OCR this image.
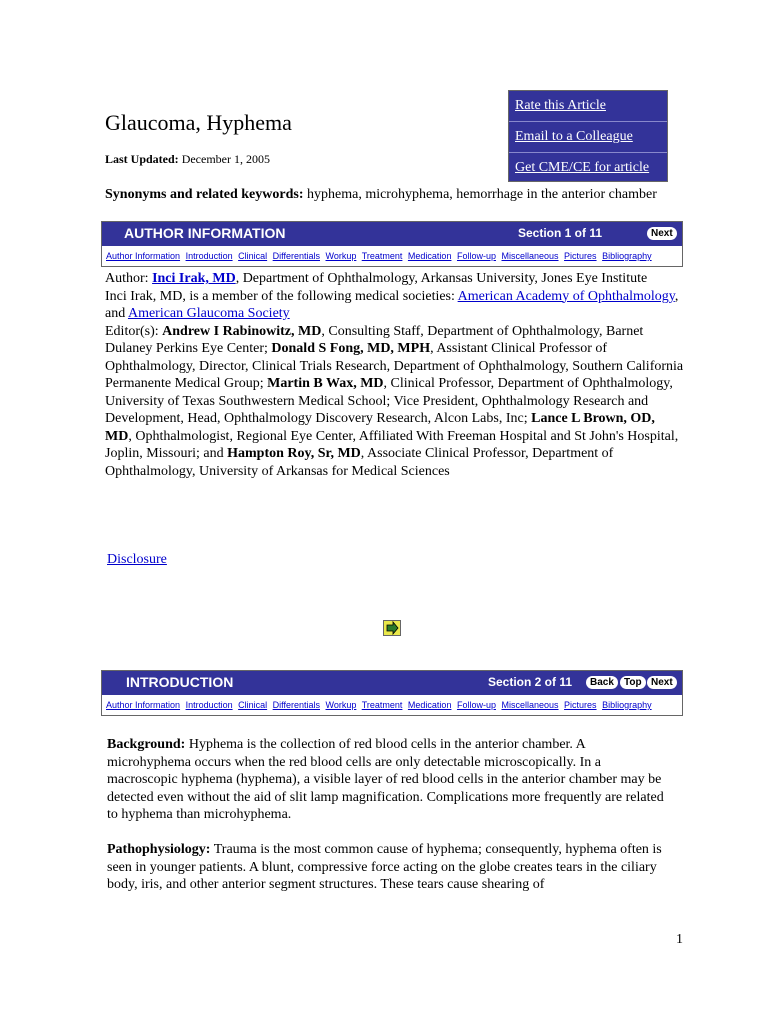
Rate this Article
Email to a Colleague
Get CME/CE for article
Glaucoma, Hyphema
Last Updated: December 1, 2005
Synonyms and related keywords: hyphema, microhyphema, hemorrhage in the anterior chamber
AUTHOR INFORMATION	Section 1 of 11	Next
Author Information Introduction Clinical Differentials Workup Treatment Medication Follow-up Miscellaneous Pictures Bibliography

Author: Inci Irak, MD, Department of Ophthalmology, Arkansas University, Jones Eye Institute

Inci Irak, MD, is a member of the following medical societies: American Academy of Ophthalmology, and American Glaucoma Society

Editor(s): Andrew I Rabinowitz, MD, Consulting Staff, Department of Ophthalmology, Barnet Dulaney Perkins Eye Center; Donald S Fong, MD, MPH, Assistant Clinical Professor of Ophthalmology, Director, Clinical Trials Research, Department of Ophthalmology, Southern California Permanente Medical Group; Martin B Wax, MD, Clinical Professor, Department of Ophthalmology, University of Texas Southwestern Medical School; Vice President, Ophthalmology Research and Development, Head, Ophthalmology Discovery Research, Alcon Labs, Inc; Lance L Brown, OD, MD, Ophthalmologist, Regional Eye Center, Affiliated With Freeman Hospital and St John's Hospital, Joplin, Missouri; and Hampton Roy, Sr, MD, Associate Clinical Professor, Department of Ophthalmology, University of Arkansas for Medical Sciences

Disclosure
INTRODUCTION	Section 2 of 11	Back	Top Next
Author Information Introduction Clinical Differentials Workup Treatment Medication Follow-up Miscellaneous Pictures Bibliography

Background: Hyphema is the collection of red blood cells in the anterior chamber. A microhyphema occurs when the red blood cells are only detectable microscopically. In a macroscopic hyphema (hyphema), a visible layer of red blood cells in the anterior chamber may be detected even without the aid of slit lamp magnification. Complications more frequently are related to hyphema than microhyphema.

Pathophysiology: Trauma is the most common cause of hyphema; consequently, hyphema often is seen in younger patients. A blunt, compressive force acting on the globe creates tears in the ciliary body, iris, and other anterior segment structures. These tears cause shearing of

1
